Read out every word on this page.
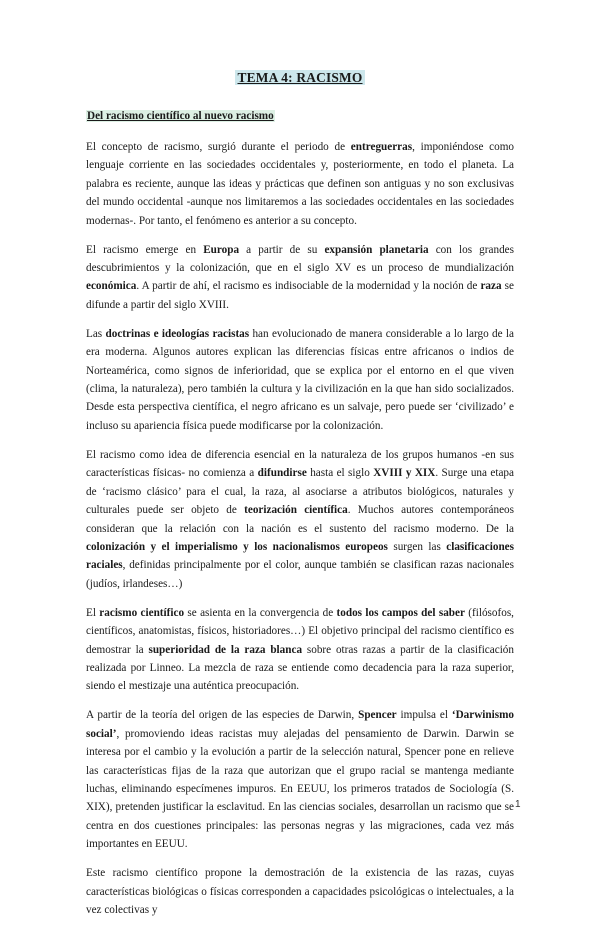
TEMA 4: RACISMO
Del racismo científico al nuevo racismo

El concepto de racismo, surgió durante el periodo de entreguerras, imponiéndose como lenguaje corriente en las sociedades occidentales y, posteriormente, en todo el planeta. La palabra es reciente, aunque las ideas y prácticas que definen son antiguas y no son exclusivas del mundo occidental -aunque nos limitaremos a las sociedades occidentales en las sociedades modernas-. Por tanto, el fenómeno es anterior a su concepto.

El racismo emerge en Europa a partir de su expansión planetaria con los grandes descubrimientos y la colonización, que en el siglo XV es un proceso de mundialización económica. A partir de ahí, el racismo es indisociable de la modernidad y la noción de raza se difunde a partir del siglo XVIII.

Las doctrinas e ideologías racistas han evolucionado de manera considerable a lo largo de la era moderna. Algunos autores explican las diferencias físicas entre africanos o indios de Norteamérica, como signos de inferioridad, que se explica por el entorno en el que viven (clima, la naturaleza), pero también la cultura y la civilización en la que han sido socializados. Desde esta perspectiva científica, el negro africano es un salvaje, pero puede ser ‘civilizado’ e incluso su apariencia física puede modificarse por la colonización.

El racismo como idea de diferencia esencial en la naturaleza de los grupos humanos -en sus características físicas- no comienza a difundirse hasta el siglo XVIII y XIX. Surge una etapa de ‘racismo clásico’ para el cual, la raza, al asociarse a atributos biológicos, naturales y culturales puede ser objeto de teorización científica. Muchos autores contemporáneos consideran que la relación con la nación es el sustento del racismo moderno. De la colonización y el imperialismo y los nacionalismos europeos surgen las clasificaciones raciales, definidas principalmente por el color, aunque también se clasifican razas nacionales (judíos, irlandeses…)

El racismo científico se asienta en la convergencia de todos los campos del saber (filósofos, científicos, anatomistas, físicos, historiadores…) El objetivo principal del racismo científico es demostrar la superioridad de la raza blanca sobre otras razas a partir de la clasificación realizada por Linneo. La mezcla de raza se entiende como decadencia para la raza superior, siendo el mestizaje una auténtica preocupación.

A partir de la teoría del origen de las especies de Darwin, Spencer impulsa el ‘Darwinismo social’, promoviendo ideas racistas muy alejadas del pensamiento de Darwin. Darwin se interesa por el cambio y la evolución a partir de la selección natural, Spencer pone en relieve las características fijas de la raza que autorizan que el grupo racial se mantenga mediante luchas, eliminando especímenes impuros. En EEUU, los primeros tratados de Sociología (S. XIX), pretenden justificar la esclavitud. En las ciencias sociales, desarrollan un racismo que se centra en dos cuestiones principales: las personas negras y las migraciones, cada vez más importantes en EEUU.

Este racismo científico propone la demostración de la existencia de las razas, cuyas características biológicas o físicas corresponden a capacidades psicológicas o intelectuales, a la vez colectivas y

1
